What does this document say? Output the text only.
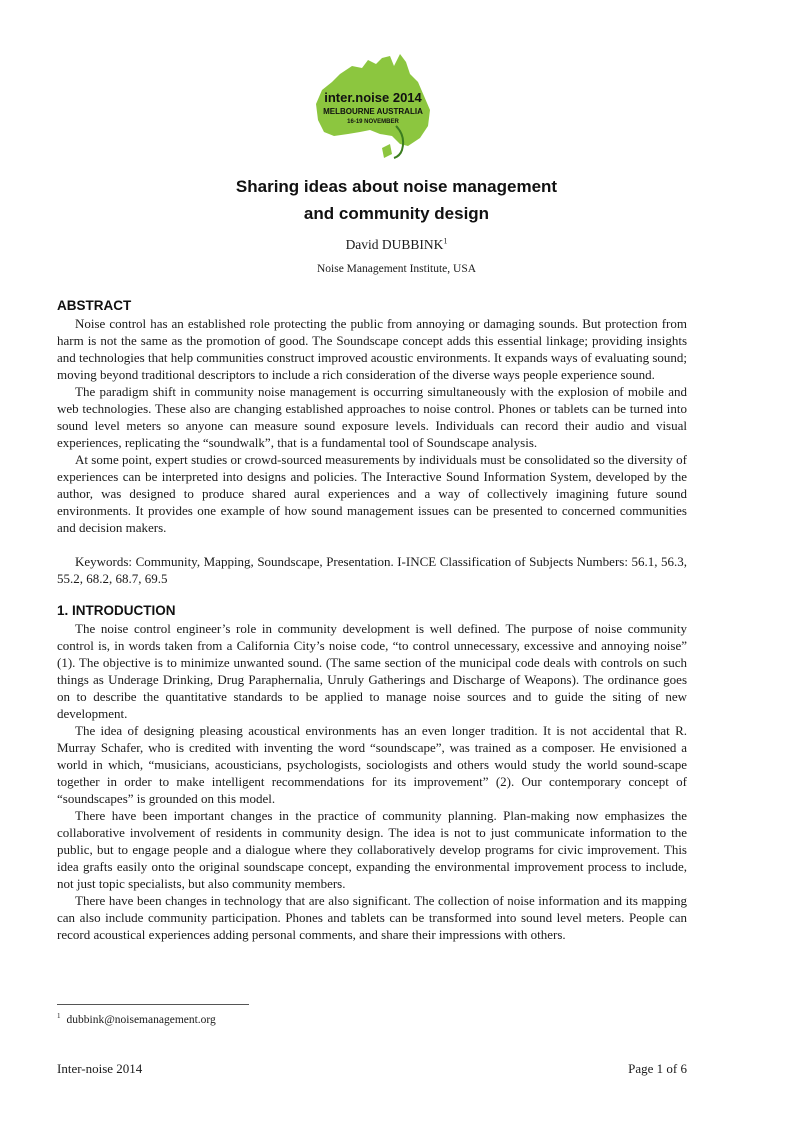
inter.noise 2014
MELBOURNE AUSTRALIA
16-19 NOVEMBER
Sharing ideas about noise management
and community design
David DUBBINK$^1$
Noise Management Institute, USA
ABSTRACT

Noise control has an established role protecting the public from annoying or damaging sounds. But protection from harm is not the same as the promotion of good. The Soundscape concept adds this essential linkage; providing insights and technologies that help communities construct improved acoustic environments. It expands ways of evaluating sound; moving beyond traditional descriptors to include a rich consideration of the diverse ways people experience sound.

The paradigm shift in community noise management is occurring simultaneously with the explosion of mobile and web technologies. These also are changing established approaches to noise control. Phones or tablets can be turned into sound level meters so anyone can measure sound exposure levels. Individuals can record their audio and visual experiences, replicating the “soundwalk”, that is a fundamental tool of Soundscape analysis.

At some point, expert studies or crowd-sourced measurements by individuals must be consolidated so the diversity of experiences can be interpreted into designs and policies. The Interactive Sound Information System, developed by the author, was designed to produce shared aural experiences and a way of collectively imagining future sound environments. It provides one example of how sound management issues can be presented to concerned communities and decision makers.

Keywords: Community, Mapping, Soundscape, Presentation. I-INCE Classification of Subjects Numbers: 56.1, 56.3, 55.2, 68.2, 68.7, 69.5

1. INTRODUCTION

The noise control engineer’s role in community development is well defined. The purpose of noise community control is, in words taken from a California City’s noise code, “to control unnecessary, excessive and annoying noise” (1). The objective is to minimize unwanted sound. (The same section of the municipal code deals with controls on such things as Underage Drinking, Drug Paraphernalia, Unruly Gatherings and Discharge of Weapons). The ordinance goes on to describe the quantitative standards to be applied to manage noise sources and to guide the siting of new development.

The idea of designing pleasing acoustical environments has an even longer tradition. It is not accidental that R. Murray Schafer, who is credited with inventing the word “soundscape”, was trained as a composer. He envisioned a world in which, “musicians, acousticians, psychologists, sociologists and others would study the world sound-scape together in order to make intelligent recommendations for its improvement” (2). Our contemporary concept of “soundscapes” is grounded on this model.

There have been important changes in the practice of community planning. Plan-making now emphasizes the collaborative involvement of residents in community design. The idea is not to just communicate information to the public, but to engage people and a dialogue where they collaboratively develop programs for civic improvement. This idea grafts easily onto the original soundscape concept, expanding the environmental improvement process to include, not just topic specialists, but also community members.

There have been changes in technology that are also significant. The collection of noise information and its mapping can also include community participation. Phones and tablets can be transformed into sound level meters. People can record acoustical experiences adding personal comments, and share their impressions with others.

$^1$ dubbink@noisemanagement.org
Inter-noise 2014	Page 1 of 6
